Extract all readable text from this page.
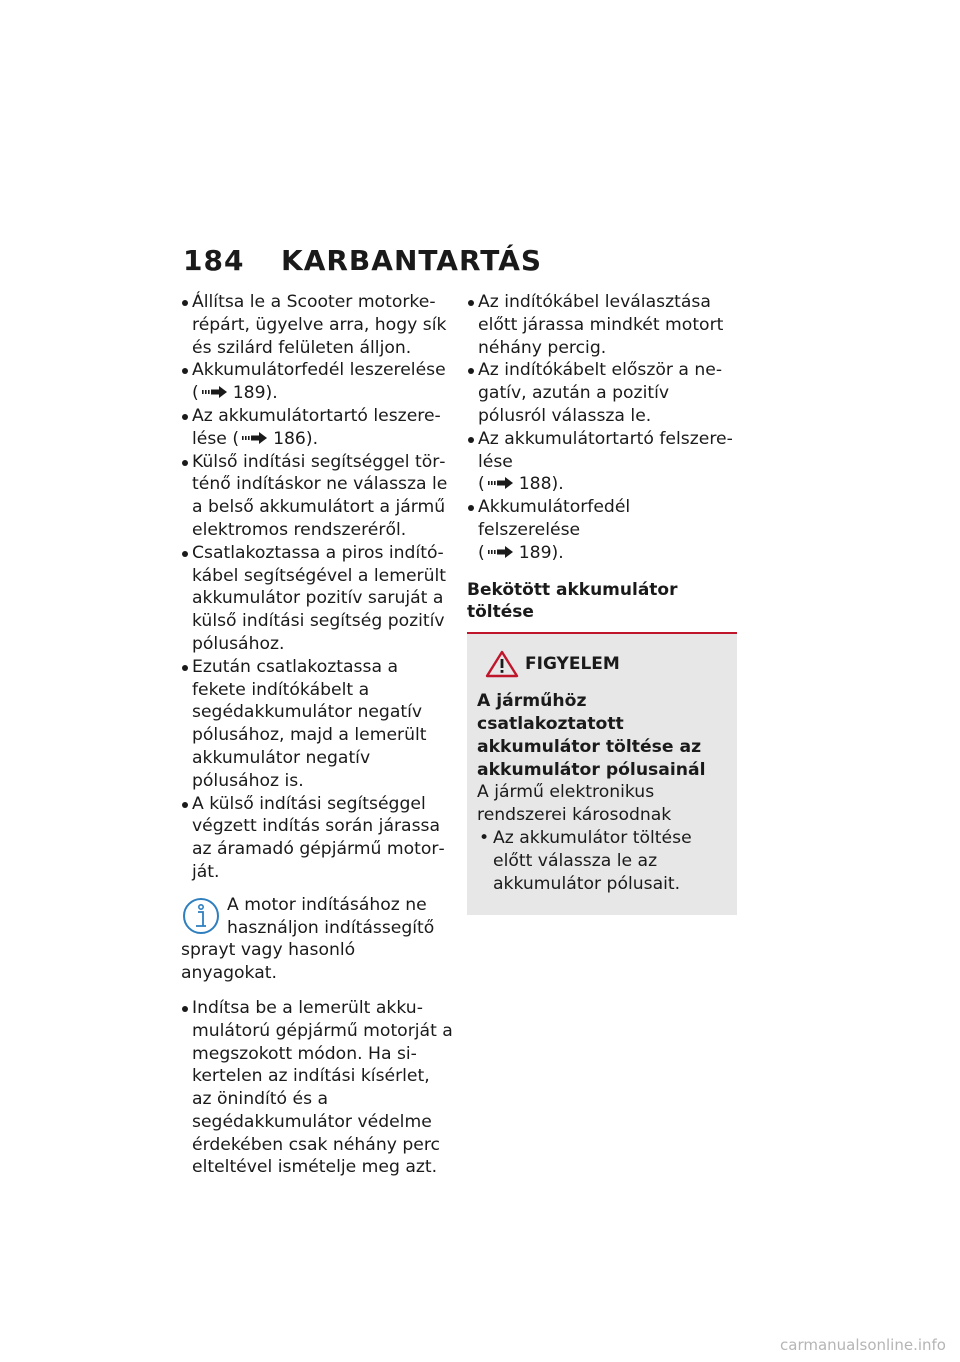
184 KARBANTARTÁS
Állítsa le a Scooter motorkerépárt, ügyelve arra, hogy sík és szilárd felületen álljon.
Akkumulátorfedél leszerelése
( 189).
Az akkumulátortartó leszerelése ( 186).
Külső indítási segítséggel történő indításkor ne válassza le a belső akkumulátort a jármű elektromos rendszeréről.
Csatlakoztassa a piros indítókábel segítségével a lemerült akkumulátor pozitív saruját a külső indítási segítség pozitív pólusához.
Ezután csatlakoztassa a fekete indítókábelt a segédakkumulátor negatív pólusához, majd a lemerült akkumulátor negatív pólusához is.
A külső indítási segítséggel végzett indítás során járassa az áramadó gépjármű motorját.
A motor indításához ne
használjon indítássegítő

sprayt vagy hasonló anyagokat.
Indítsa be a lemerült akkumulátorú gépjármű motorját a megszokott módon. Ha sikertelen az indítási kísérlet, az önindító és a segédakkumulátor védelme érdekében csak néhány perc elteltével ismételje meg azt.
Az indítókábel leválasztása előtt járassa mindkét motort néhány percig.
Az indítókábelt először a negatív, azután a pozitív pólusról válassza le.
Az akkumulátortartó felszerelése
( 188).
Akkumulátorfedél felszerelése
( 189).
Bekötött akkumulátor töltése
FIGYELEM
A járműhöz csatlakoztatott akkumulátor töltése az akkumulátor pólusainál
A jármű elektronikus rendszerei károsodnak
• Az akkumulátor töltése előtt válassza le az akkumulátor pólusait.
carmanualsonline.info
